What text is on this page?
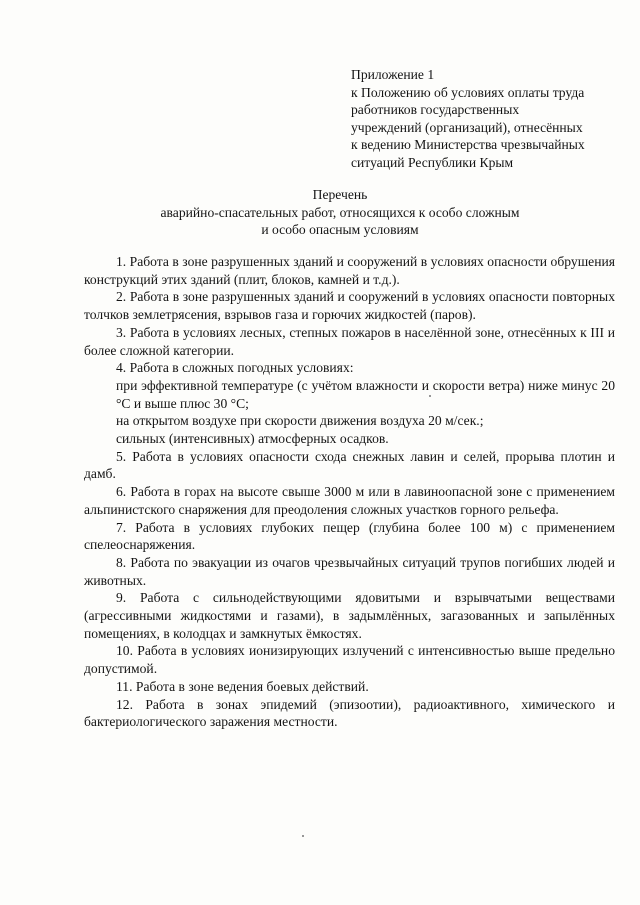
Приложение 1
к Положению об условиях оплаты труда
работников государственных
учреждений (организаций), отнесённых
к ведению Министерства чрезвычайных
ситуаций Республики Крым
Перечень
аварийно-спасательных работ, относящихся к особо сложным
и особо опасным условиям

1. Работа в зоне разрушенных зданий и сооружений в условиях опасности обрушения конструкций этих зданий (плит, блоков, камней и т.д.).

2. Работа в зоне разрушенных зданий и сооружений в условиях опасности повторных толчков землетрясения, взрывов газа и горючих жидкостей (паров).

3. Работа в условиях лесных, степных пожаров в населённой зоне, отнесённых к III и более сложной категории.

4. Работа в сложных погодных условиях:

при эффективной температуре (с учётом влажности и скорости ветра) ниже минус 20 °С и выше плюс 30 °С;

на открытом воздухе при скорости движения воздуха 20 м/сек.;

сильных (интенсивных) атмосферных осадков.

5. Работа в условиях опасности схода снежных лавин и селей, прорыва плотин и дамб.

6. Работа в горах на высоте свыше 3000 м или в лавиноопасной зоне с применением альпинистского снаряжения для преодоления сложных участков горного рельефа.

7. Работа в условиях глубоких пещер (глубина более 100 м) с применением спелеоснаряжения.

8. Работа по эвакуации из очагов чрезвычайных ситуаций трупов погибших людей и животных.

9. Работа с сильнодействующими ядовитыми и взрывчатыми веществами (агрессивными жидкостями и газами), в задымлённых, загазованных и запылённых помещениях, в колодцах и замкнутых ёмкостях.

10. Работа в условиях ионизирующих излучений с интенсивностью выше предельно допустимой.

11. Работа в зоне ведения боевых действий.

12. Работа в зонах эпидемий (эпизоотии), радиоактивного, химического и бактериологического заражения местности.
